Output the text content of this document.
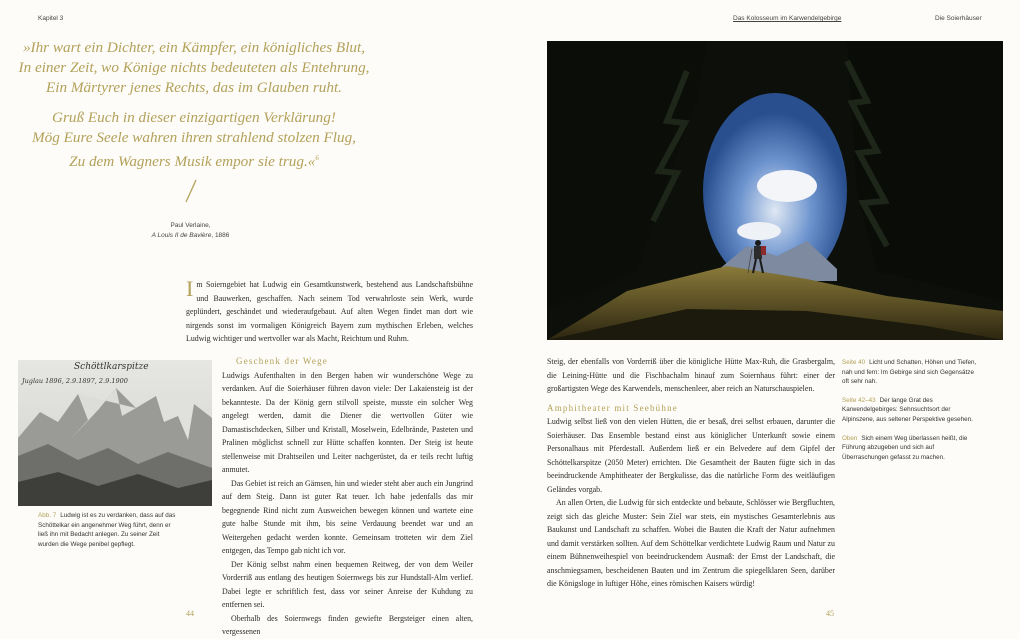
Kapitel 3	Das Kolosseum im Karwendelgebirge	Die Soierhäuser
»Ihr wart ein Dichter, ein Kämpfer, ein königliches Blut,
In einer Zeit, wo Könige nichts bedeuteten als Entehrung,
Ein Märtyrer jenes Rechts, das im Glauben ruht.
Gruß Euch in dieser einzigartigen Verklärung!
Mög Eure Seele wahren ihren strahlend stolzen Flug,
Zu dem Wagners Musik empor sie trug.«$^6$
Paul Verlaine,
A Louis II de Bavière, 1886
Im Soierngebiet hat Ludwig ein Gesamtkunstwerk, bestehend aus Landschaftsbühne und Bauwerken, geschaffen. Nach seinem Tod verwahrloste sein Werk, wurde geplündert, geschändet und wiederaufgebaut. Auf alten Wegen findet man dort wie nirgends sonst im vormaligen Königreich Bayern zum mythischen Erleben, welches Ludwig wichtiger und wertvoller war als Macht, Reichtum und Ruhm.
Schöttlkarspitze
Juglau 1896, 2.9.1897, 2.9.1900
Abb. 7 Ludwig ist es zu verdanken, dass auf das Schöttelkar ein angenehmer Weg führt, denn er ließ ihn mit Bedacht anlegen. Zu seiner Zeit wurden die Wege penibel gepflegt.

Geschenk der Wege

Ludwigs Aufenthalten in den Bergen haben wir wunderschöne Wege zu verdanken. Auf die Soierhäuser führen davon viele: Der Lakaiensteig ist der bekannteste. Da der König gern stilvoll speiste, musste ein solcher Weg angelegt werden, damit die Diener die wertvollen Güter wie Damastischdecken, Silber und Kristall, Moselwein, Edelbrände, Pasteten und Pralinen möglichst schnell zur Hütte schaffen konnten. Der Steig ist heute stellenweise mit Drahtseilen und Leiter nachgerüstet, da er teils recht luftig anmutet.

Das Gebiet ist reich an Gämsen, hin und wieder steht aber auch ein Jungrind auf dem Steig. Dann ist guter Rat teuer. Ich habe jedenfalls das mir begegnende Rind nicht zum Ausweichen bewegen können und wartete eine gute halbe Stunde mit ihm, bis seine Verdauung beendet war und an Weitergehen gedacht werden konnte. Gemeinsam trotteten wir dem Ziel entgegen, das Tempo gab nicht ich vor.

Der König selbst nahm einen bequemen Reitweg, der von dem Weiler Vorderriß aus entlang des heutigen Soiernwegs bis zur Hundstall-Alm verlief. Dabei legte er schriftlich fest, dass vor seiner Anreise der Kuhdung zu entfernen sei.

Oberhalb des Soiernwegs finden gewiefte Bergsteiger einen alten, vergessenen

44

Steig, der ebenfalls von Vorderriß über die königliche Hütte Max-Ruh, die Grasbergalm, die Leining-Hütte und die Fischbachalm hinauf zum Soiernhaus führt: einer der großartigsten Wege des Karwendels, menschenleer, aber reich an Naturschauspielen.

Amphitheater mit Seebühne

Ludwig selbst ließ von den vielen Hütten, die er besaß, drei selbst erbauen, darunter die Soierhäuser. Das Ensemble bestand einst aus königlicher Unterkunft sowie einem Personalhaus mit Pferdestall. Außerdem ließ er ein Belvedere auf dem Gipfel der Schöttelkarspitze (2050 Meter) errichten. Die Gesamtheit der Bauten fügte sich in das beeindruckende Amphitheater der Bergkulisse, das die natürliche Form des weitläufigen Geländes vorgab.

An allen Orten, die Ludwig für sich entdeckte und bebaute, Schlösser wie Bergfluchten, zeigt sich das gleiche Muster: Sein Ziel war stets, ein mystisches Gesamterlebnis aus Baukunst und Landschaft zu schaffen. Wobei die Bauten die Kraft der Natur aufnehmen und damit verstärken sollten. Auf dem Schöttelkar verdichtete Ludwig Raum und Natur zu einem Bühnenweihespiel von beeindruckendem Ausmaß: der Ernst der Landschaft, die anschmiegsamen, bescheidenen Bauten und im Zentrum die spiegelklaren Seen, darüber die Königsloge in luftiger Höhe, eines römischen Kaisers würdig!

45
Seite 40 Licht und Schatten, Höhen und Tiefen, nah und fern: Im Gebirge sind sich Gegensätze oft sehr nah.
Seite 42–43 Der lange Grat des Karwendelgebirges: Sehnsuchtsort der Alpinszene, aus seltener Perspektive gesehen.
Oben Sich einem Weg überlassen heißt, die Führung abzugeben und sich auf Überraschungen gefasst zu machen.
